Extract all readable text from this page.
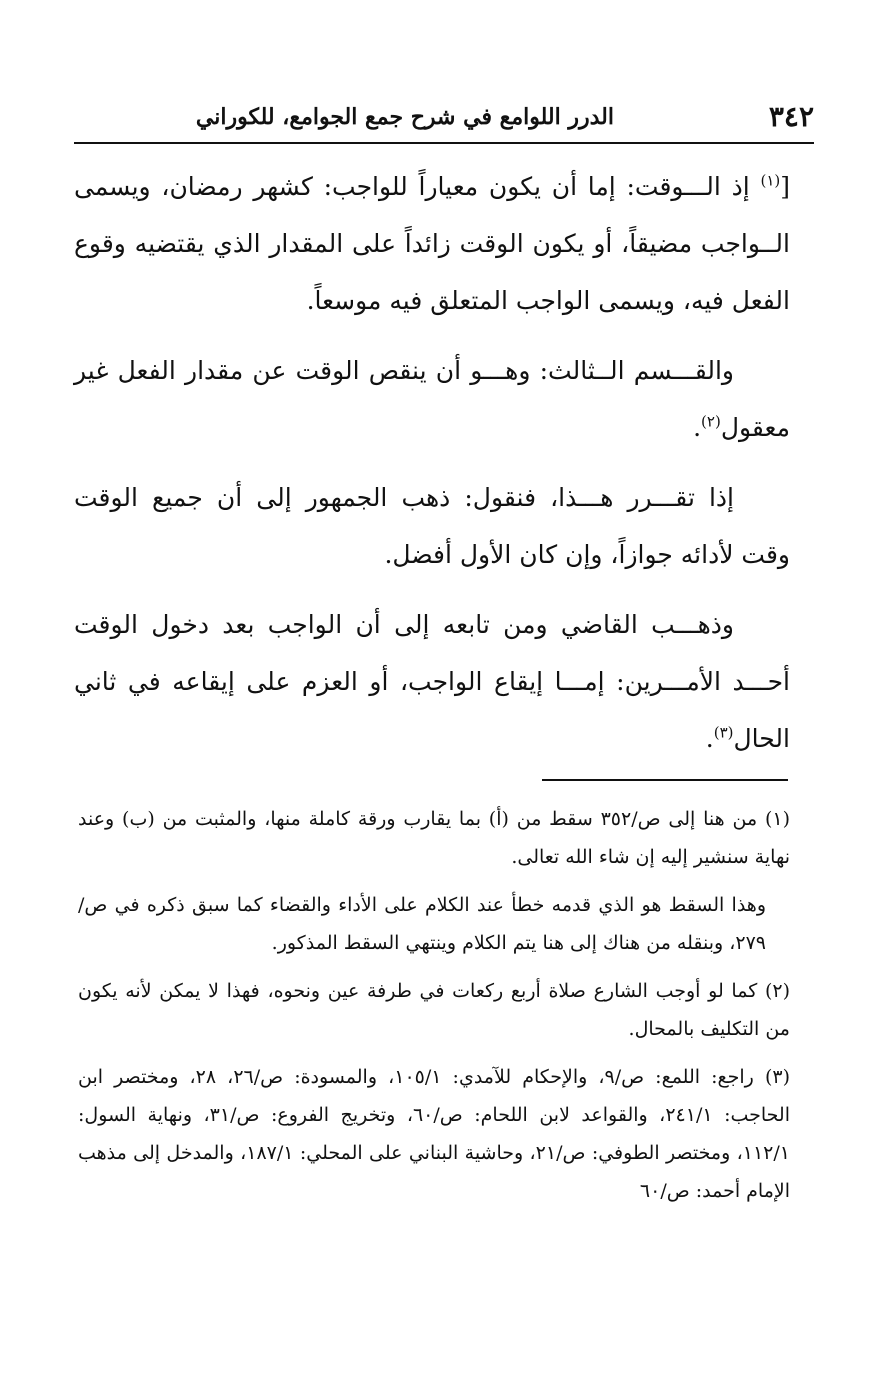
٣٤٢
الدرر اللوامع في شرح جمع الجوامع، للكوراني

[$^{(١)}$ إذ الـــوقت: إما أن يكون معياراً للواجب: كشهر رمضان، ويسمى الــواجب مضيقاً، أو يكون الوقت زائداً على المقدار الذي يقتضيه وقوع الفعل فيه، ويسمى الواجب المتعلق فيه موسعاً.

والقـــسم الــثالث: وهـــو أن ينقص الوقت عن مقدار الفعل غير معقول$^{(٢)}$.

إذا تقـــرر هـــذا، فنقول: ذهب الجمهور إلى أن جميع الوقت وقت لأدائه جوازاً، وإن كان الأول أفضل.

وذهـــب القاضي ومن تابعه إلى أن الواجب بعد دخول الوقت أحـــد الأمـــرين: إمـــا إيقاع الواجب، أو العزم على إيقاعه في ثاني الحال$^{(٣)}$.

(١) من هنا إلى ص/٣٥٢ سقط من (أ) بما يقارب ورقة كاملة منها، والمثبت من (ب) وعند نهاية سنشير إليه إن شاء الله تعالى.

وهذا السقط هو الذي قدمه خطأ عند الكلام على الأداء والقضاء كما سبق ذكره في ص/٢٧٩، وبنقله من هناك إلى هنا يتم الكلام وينتهي السقط المذكور.

(٢) كما لو أوجب الشارع صلاة أربع ركعات في طرفة عين ونحوه، فهذا لا يمكن لأنه يكون من التكليف بالمحال.

(٣) راجع: اللمع: ص/٩، والإحكام للآمدي: ١٠٥/١، والمسودة: ص/٢٦، ٢٨، ومختصر ابن الحاجب: ٢٤١/١، والقواعد لابن اللحام: ص/٦٠، وتخريج الفروع: ص/٣١، ونهاية السول: ١١٢/١، ومختصر الطوفي: ص/٢١، وحاشية البناني على المحلي: ١٨٧/١، والمدخل إلى مذهب الإمام أحمد: ص/٦٠
